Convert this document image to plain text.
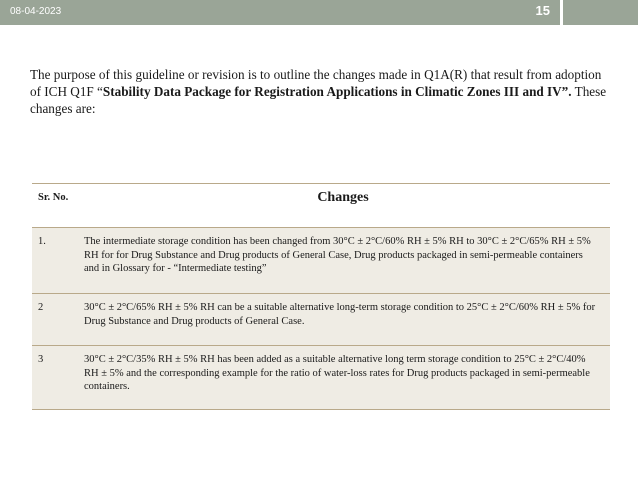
08-04-2023	15
The purpose of this guideline or revision is to outline the changes made in Q1A(R) that result from adoption of ICH Q1F “Stability Data Package for Registration Applications in Climatic Zones III and IV”. These changes are:
Sr. No.	Changes
1.	The intermediate storage condition has been changed from 30°C ± 2°C/60% RH ± 5% RH to 30°C ± 2°C/65% RH ± 5% RH for for Drug Substance and Drug products of General Case, Drug products packaged in semi-permeable containers and in Glossary for - “Intermediate testing”
2	30°C ± 2°C/65% RH ± 5% RH can be a suitable alternative long-term storage condition to 25°C ± 2°C/60% RH ± 5% for Drug Substance and Drug products of General Case.
3	30°C ± 2°C/35% RH ± 5% RH has been added as a suitable alternative long term storage condition to 25°C ± 2°C/40% RH ± 5% and the corresponding example for the ratio of water-loss rates for Drug products packaged in semi-permeable containers.
